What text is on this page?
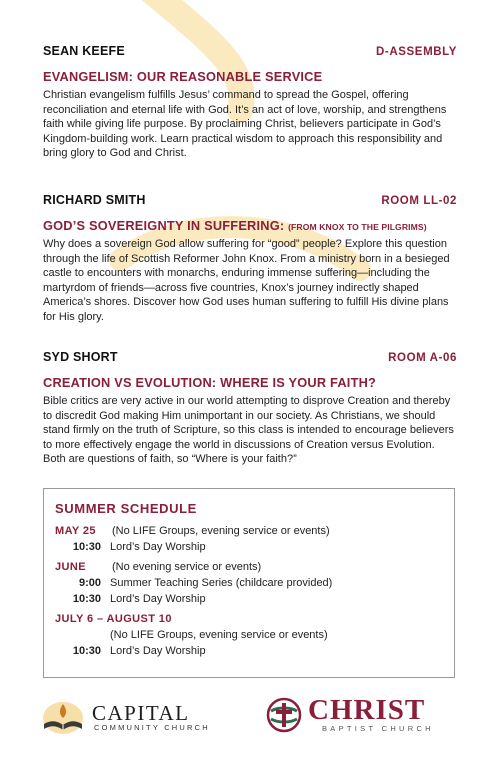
SEAN KEEFE	D-ASSEMBLY
EVANGELISM: OUR REASONABLE SERVICE
Christian evangelism fulfills Jesus’ command to spread the Gospel, offering reconciliation and eternal life with God. It’s an act of love, worship, and strengthens faith while giving life purpose. By proclaiming Christ, believers participate in God’s Kingdom-building work. Learn practical wisdom to approach this responsibility and bring glory to God and Christ.
RICHARD SMITH	ROOM LL-02
GOD’S SOVEREIGNTY IN SUFFERING: (FROM KNOX TO THE PILGRIMS)
Why does a sovereign God allow suffering for “good” people? Explore this question through the life of Scottish Reformer John Knox. From a ministry born in a besieged castle to encounters with monarchs, enduring immense suffering—including the martyrdom of friends—across five countries, Knox’s journey indirectly shaped America’s shores. Discover how God uses human suffering to fulfill His divine plans for His glory.
SYD SHORT	ROOM A-06
CREATION VS EVOLUTION: WHERE IS YOUR FAITH?
Bible critics are very active in our world attempting to disprove Creation and thereby to discredit God making Him unimportant in our society. As Christians, we should stand firmly on the truth of Scripture, so this class is intended to encourage believers to more effectively engage the world in discussions of Creation versus Evolution. Both are questions of faith, so “Where is your faith?”
SUMMER SCHEDULE
MAY 25	(No LIFE Groups, evening service or events)
10:30 Lord’s Day Worship
JUNE	(No evening service or events)
9:00 Summer Teaching Series (childcare provided)
10:30 Lord’s Day Worship
JULY 6 – AUGUST 10
(No LIFE Groups, evening service or events)
10:30 Lord’s Day Worship
CAPITAL
COMMUNITY CHURCH
CHRIST
BAPTIST CHURCH
